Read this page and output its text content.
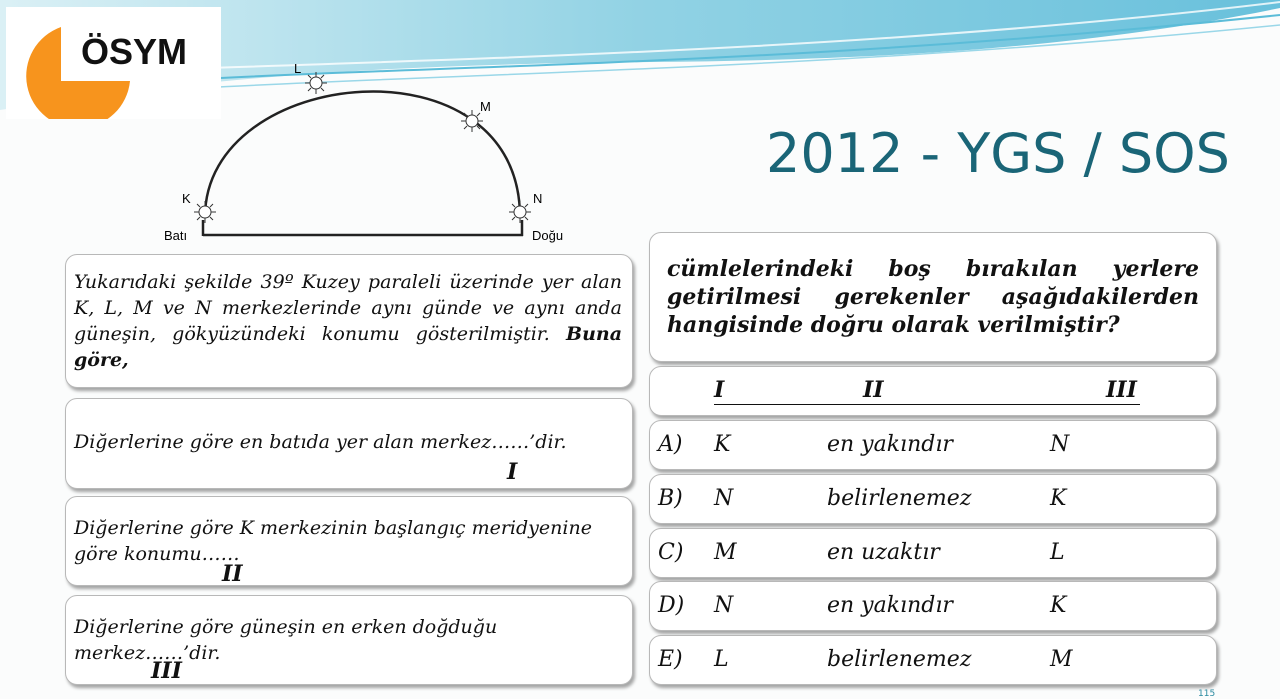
ÖSYM
2012 - YGS / SOS
K
L
M
N
Batı	Doğu
Yukarıdaki şekilde 39º Kuzey paraleli üzerinde yer alan K, L, M ve N merkezlerinde aynı günde ve aynı anda güneşin, gökyüzündeki konumu gösterilmiştir. Buna göre,
Diğerlerine göre en batıda yer alan merkez……’dir.
I
Diğerlerine göre K merkezinin başlangıç meridyenine göre konumu……
II
Diğerlerine göre güneşin en erken doğduğu merkez……’dir.
III
cümlelerindeki boş bırakılan yerlere getirilmesi gerekenler aşağıdakilerden hangisinde doğru olarak verilmiştir?
I	II	III
A) K	en yakındır	N
B) N	belirlenemez	K
C) M	en uzaktır	L
D) N	en yakındır	K
E) L	belirlenemez	M
115
